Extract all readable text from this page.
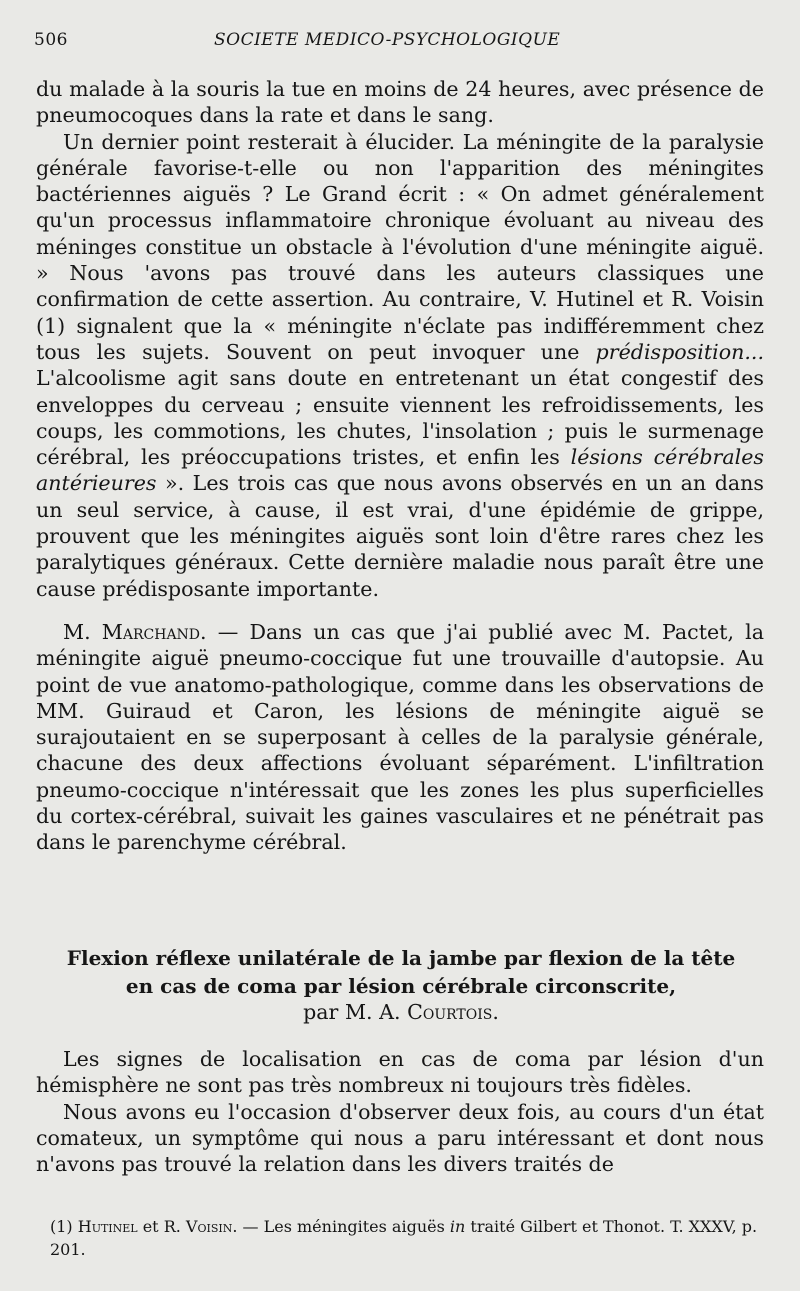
506	SOCIETE MEDICO-PSYCHOLOGIQUE

du malade à la souris la tue en moins de 24 heures, avec présence de pneumocoques dans la rate et dans le sang.

Un dernier point resterait à élucider. La méningite de la paralysie générale favorise-t-elle ou non l'apparition des méningites bactériennes aiguës ? Le Grand écrit : « On admet généralement qu'un processus inflammatoire chronique évoluant au niveau des méninges constitue un obstacle à l'évolution d'une méningite aiguë. » Nous 'avons pas trouvé dans les auteurs classiques une confirmation de cette assertion. Au contraire, V. Hutinel et R. Voisin (1) signalent que la « méningite n'éclate pas indifféremment chez tous les sujets. Souvent on peut invoquer une prédisposition... L'alcoolisme agit sans doute en entretenant un état congestif des enveloppes du cerveau ; ensuite viennent les refroidissements, les coups, les commotions, les chutes, l'insolation ; puis le surmenage cérébral, les préoccupations tristes, et enfin les lésions cérébrales antérieures ». Les trois cas que nous avons observés en un an dans un seul service, à cause, il est vrai, d'une épidémie de grippe, prouvent que les méningites aiguës sont loin d'être rares chez les paralytiques généraux. Cette dernière maladie nous paraît être une cause prédisposante importante.

M. Marchand. — Dans un cas que j'ai publié avec M. Pactet, la méningite aiguë pneumo-coccique fut une trouvaille d'autopsie. Au point de vue anatomo-pathologique, comme dans les observations de MM. Guiraud et Caron, les lésions de méningite aiguë se surajoutaient en se superposant à celles de la paralysie générale, chacune des deux affections évoluant séparément. L'infiltration pneumo-coccique n'intéressait que les zones les plus superficielles du cortex-cérébral, suivait les gaines vasculaires et ne pénétrait pas dans le parenchyme cérébral.

Flexion réflexe unilatérale de la jambe par flexion de la tête
en cas de coma par lésion cérébrale circonscrite,
par M. A. Courtois.

Les signes de localisation en cas de coma par lésion d'un hémisphère ne sont pas très nombreux ni toujours très fidèles.

Nous avons eu l'occasion d'observer deux fois, au cours d'un état comateux, un symptôme qui nous a paru intéressant et dont nous n'avons pas trouvé la relation dans les divers traités de

(1) Hutinel et R. Voisin. — Les méningites aiguës in traité Gilbert et Thonot. T. XXXV, p. 201.
